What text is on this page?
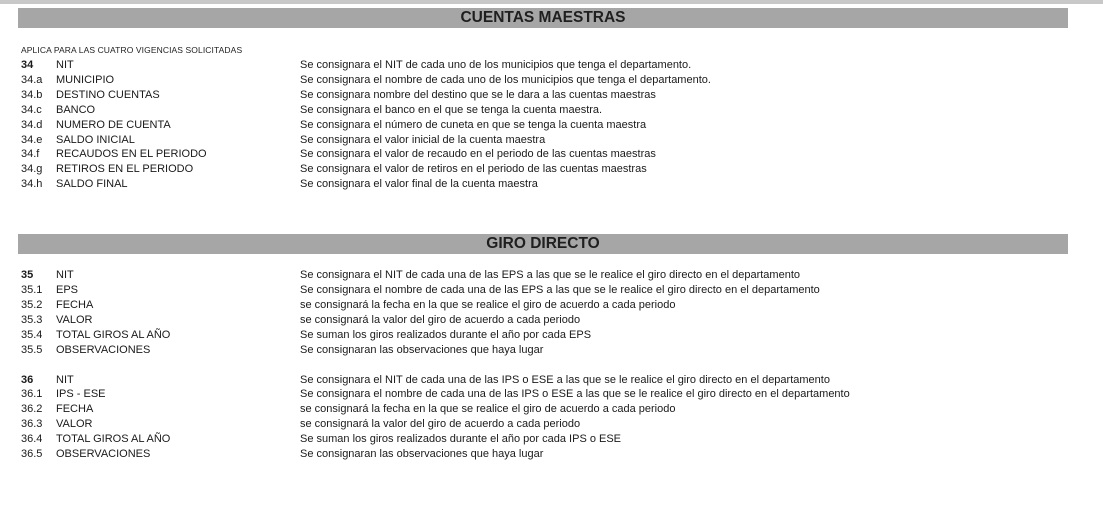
CUENTAS MAESTRAS
APLICA PARA LAS CUATRO VIGENCIAS SOLICITADAS
34 NIT	Se consignara el NIT de cada uno de los municipios que tenga el departamento.
34.a MUNICIPIO	Se consignara el nombre de cada uno de los municipios que tenga el departamento.
34.b DESTINO CUENTAS	Se consignara nombre del destino que se le dara a las cuentas maestras
34.c BANCO	Se consignara el banco en el que se tenga la cuenta maestra.
34.d NUMERO DE CUENTA	Se consignara el número de cuneta en que se tenga la cuenta maestra
34.e SALDO INICIAL	Se consignara el valor inicial de la cuenta maestra
34.f RECAUDOS EN EL PERIODO	Se consignara el valor de recaudo en el periodo de las cuentas maestras
34.g RETIROS EN EL PERIODO	Se consignara el valor de retiros en el periodo de las cuentas maestras
34.h SALDO FINAL	Se consignara el valor final de la cuenta maestra
GIRO DIRECTO
35 NIT	Se consignara el NIT de cada una de las EPS a las que se le realice el giro directo en el departamento
35.1 EPS	Se consignara el nombre de cada una de las EPS a las que se le realice el giro directo en el departamento
35.2 FECHA	se consignará la fecha en la que se realice el giro de acuerdo a cada periodo
35.3 VALOR	se consignará la valor del giro de acuerdo a cada periodo
35.4 TOTAL GIROS AL AÑO	Se suman los giros realizados durante el año por cada EPS
35.5 OBSERVACIONES	Se consignaran las observaciones que haya lugar
36 NIT	Se consignara el NIT de cada una de las IPS o ESE a las que se le realice el giro directo en el departamento
36.1 IPS - ESE	Se consignara el nombre de cada una de las IPS o ESE a las que se le realice el giro directo en el departamento
36.2 FECHA	se consignará la fecha en la que se realice el giro de acuerdo a cada periodo
36.3 VALOR	se consignará la valor del giro de acuerdo a cada periodo
36.4 TOTAL GIROS AL AÑO	Se suman los giros realizados durante el año por cada IPS o ESE
36.5 OBSERVACIONES	Se consignaran las observaciones que haya lugar
